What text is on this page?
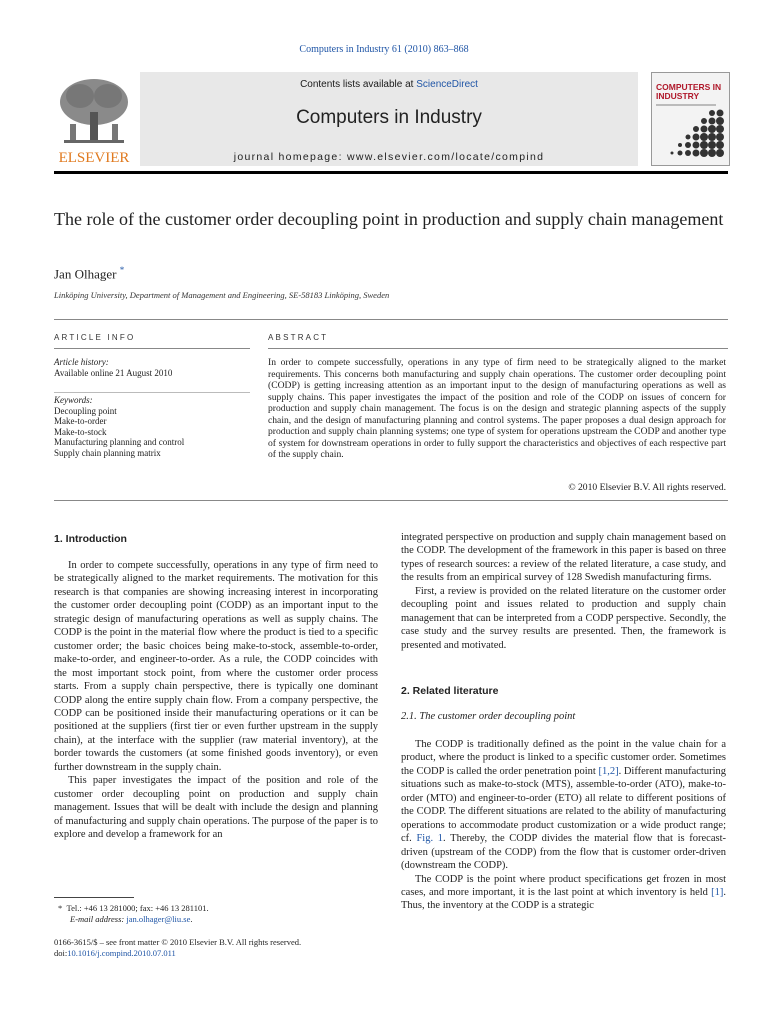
Computers in Industry 61 (2010) 863–868
ELSEVIER
Contents lists available at ScienceDirect
Computers in Industry
journal homepage: www.elsevier.com/locate/compind
COMPUTERS IN INDUSTRY
The role of the customer order decoupling point in production and supply chain management
Jan Olhager *
Linköping University, Department of Management and Engineering, SE-58183 Linköping, Sweden
ARTICLE INFO	ABSTRACT
Article history:
Available online 21 August 2010
Keywords:
Decoupling point
Make-to-order
Make-to-stock
Manufacturing planning and control
Supply chain planning matrix
In order to compete successfully, operations in any type of firm need to be strategically aligned to the market requirements. This concerns both manufacturing and supply chain operations. The customer order decoupling point (CODP) is getting increasing attention as an important input to the design of manufacturing operations as well as supply chains. This paper investigates the impact of the position and role of the CODP on issues of concern for production and supply chain management. The focus is on the design and strategic planning aspects of the supply chain, and the design of manufacturing planning and control systems. The paper proposes a dual design approach for production and supply chain planning systems; one type of system for operations upstream the CODP and another type of system for downstream operations in order to fully support the characteristics and objectives of each respective part of the supply chain.
© 2010 Elsevier B.V. All rights reserved.
1. Introduction

In order to compete successfully, operations in any type of firm need to be strategically aligned to the market requirements. The motivation for this research is that companies are showing increasing interest in incorporating the customer order decoupling point (CODP) as an important input to the strategic design of manufacturing operations as well as supply chains. The CODP is the point in the material flow where the product is tied to a specific customer order; the basic choices being make-to-stock, assemble-to-order, make-to-order, and engineer-to-order. As a rule, the CODP coincides with the most important stock point, from where the customer order process starts. From a supply chain perspective, there is typically one dominant CODP along the entire supply chain flow. From a company perspective, the CODP can be positioned inside their manufacturing operations or it can be positioned at the suppliers (first tier or even further upstream in the supply chain), at the interface with the supplier (raw material inventory), at the border towards the customers (at some finished goods inventory), or even further downstream in the supply chain.

This paper investigates the impact of the position and role of the customer order decoupling point on production and supply chain management. Issues that will be dealt with include the design and planning of manufacturing and supply chain operations. The purpose of the paper is to explore and develop a framework for an

integrated perspective on production and supply chain management based on the CODP. The development of the framework in this paper is based on three types of research sources: a review of the related literature, a case study, and the results from an empirical survey of 128 Swedish manufacturing firms.

First, a review is provided on the related literature on the customer order decoupling point and issues related to production and supply chain management that can be interpreted from a CODP perspective. Secondly, the case study and the survey results are presented. Then, the framework is presented and motivated.

2. Related literature
2.1. The customer order decoupling point

The CODP is traditionally defined as the point in the value chain for a product, where the product is linked to a specific customer order. Sometimes the CODP is called the order penetration point [1,2]. Different manufacturing situations such as make-to-stock (MTS), assemble-to-order (ATO), make-to-order (MTO) and engineer-to-order (ETO) all relate to different positions of the CODP. The different situations are related to the ability of manufacturing operations to accommodate product customization or a wide product range; cf. Fig. 1. Thereby, the CODP divides the material flow that is forecast-driven (upstream of the CODP) from the flow that is customer order-driven (downstream the CODP).

The CODP is the point where product specifications get frozen in most cases, and more important, it is the last point at which inventory is held [1]. Thus, the inventory at the CODP is a strategic

* Tel.: +46 13 281000; fax: +46 13 281101.
E-mail address: jan.olhager@liu.se.
0166-3615/$ – see front matter © 2010 Elsevier B.V. All rights reserved.
doi:10.1016/j.compind.2010.07.011
